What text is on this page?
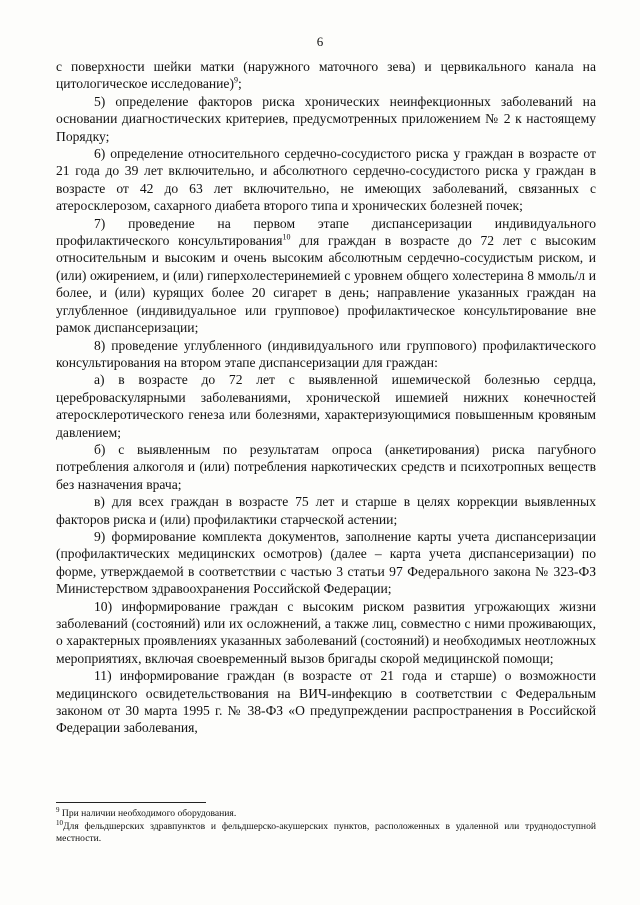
6

с поверхности шейки матки (наружного маточного зева) и цервикального канала на цитологическое исследование)$^9$;

5) определение факторов риска хронических неинфекционных заболеваний на основании диагностических критериев, предусмотренных приложением № 2 к настоящему Порядку;

6) определение относительного сердечно-сосудистого риска у граждан в возрасте от 21 года до 39 лет включительно, и абсолютного сердечно-сосудистого риска у граждан в возрасте от 42 до 63 лет включительно, не имеющих заболеваний, связанных с атеросклерозом, сахарного диабета второго типа и хронических болезней почек;

7) проведение на первом этапе диспансеризации индивидуального профилактического консультирования$^{10}$ для граждан в возрасте до 72 лет с высоким относительным и высоким и очень высоким абсолютным сердечно-сосудистым риском, и (или) ожирением, и (или) гиперхолестеринемией с уровнем общего холестерина 8 ммоль/л и более, и (или) курящих более 20 сигарет в день; направление указанных граждан на углубленное (индивидуальное или групповое) профилактическое консультирование вне рамок диспансеризации;

8) проведение углубленного (индивидуального или группового) профилактического консультирования на втором этапе диспансеризации для граждан:

а) в возрасте до 72 лет с выявленной ишемической болезнью сердца, цереброваскулярными заболеваниями, хронической ишемией нижних конечностей атеросклеротического генеза или болезнями, характеризующимися повышенным кровяным давлением;

б) с выявленным по результатам опроса (анкетирования) риска пагубного потребления алкоголя и (или) потребления наркотических средств и психотропных веществ без назначения врача;

в) для всех граждан в возрасте 75 лет и старше в целях коррекции выявленных факторов риска и (или) профилактики старческой астении;

9) формирование комплекта документов, заполнение карты учета диспансеризации (профилактических медицинских осмотров) (далее – карта учета диспансеризации) по форме, утверждаемой в соответствии с частью 3 статьи 97 Федерального закона № 323-ФЗ Министерством здравоохранения Российской Федерации;

10) информирование граждан с высоким риском развития угрожающих жизни заболеваний (состояний) или их осложнений, а также лиц, совместно с ними проживающих, о характерных проявлениях указанных заболеваний (состояний) и необходимых неотложных мероприятиях, включая своевременный вызов бригады скорой медицинской помощи;

11) информирование граждан (в возрасте от 21 года и старше) о возможности медицинского освидетельствования на ВИЧ-инфекцию в соответствии с Федеральным законом от 30 марта 1995 г. № 38-ФЗ «О предупреждении распространения в Российской Федерации заболевания,

$^9$ При наличии необходимого оборудования.

$^{10}$Для фельдшерских здравпунктов и фельдшерско-акушерских пунктов, расположенных в удаленной или труднодоступной местности.
